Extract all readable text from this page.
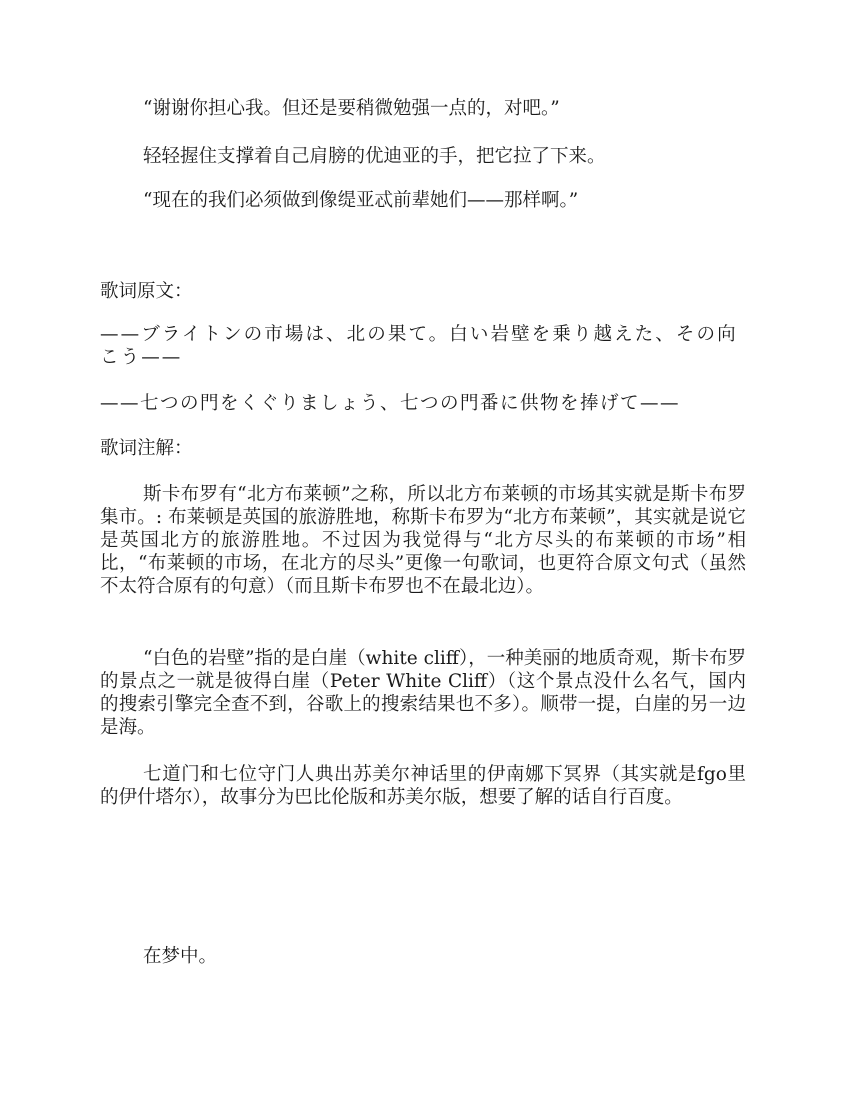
“谢谢你担心我。但还是要稍微勉强一点的，对吧。”

轻轻握住支撑着自己肩膀的优迪亚的手，把它拉了下来。

“现在的我们必须做到像缇亚忒前辈她们——那样啊。”

歌词原文：

——ブライトンの市場は、北の果て。白い岩壁を乗り越えた、その向こう——

——七つの門をくぐりましょう、七つの門番に供物を捧げて——

歌词注解：

斯卡布罗有“北方布莱顿”之称，所以北方布莱顿的市场其实就是斯卡布罗集市。: 布莱顿是英国的旅游胜地，称斯卡布罗为“北方布莱顿”，其实就是说它是英国北方的旅游胜地。不过因为我觉得与“北方尽头的布莱顿的市场”相比，“布莱顿的市场，在北方的尽头”更像一句歌词，也更符合原文句式（虽然不太符合原有的句意）（而且斯卡布罗也不在最北边）。

“白色的岩壁”指的是白崖（white cliff），一种美丽的地质奇观，斯卡布罗的景点之一就是彼得白崖（Peter White Cliff）（这个景点没什么名气，国内的搜索引擎完全查不到，谷歌上的搜索结果也不多）。顺带一提，白崖的另一边是海。

七道门和七位守门人典出苏美尔神话里的伊南娜下冥界（其实就是fgo里的伊什塔尔），故事分为巴比伦版和苏美尔版，想要了解的话自行百度。

在梦中。
